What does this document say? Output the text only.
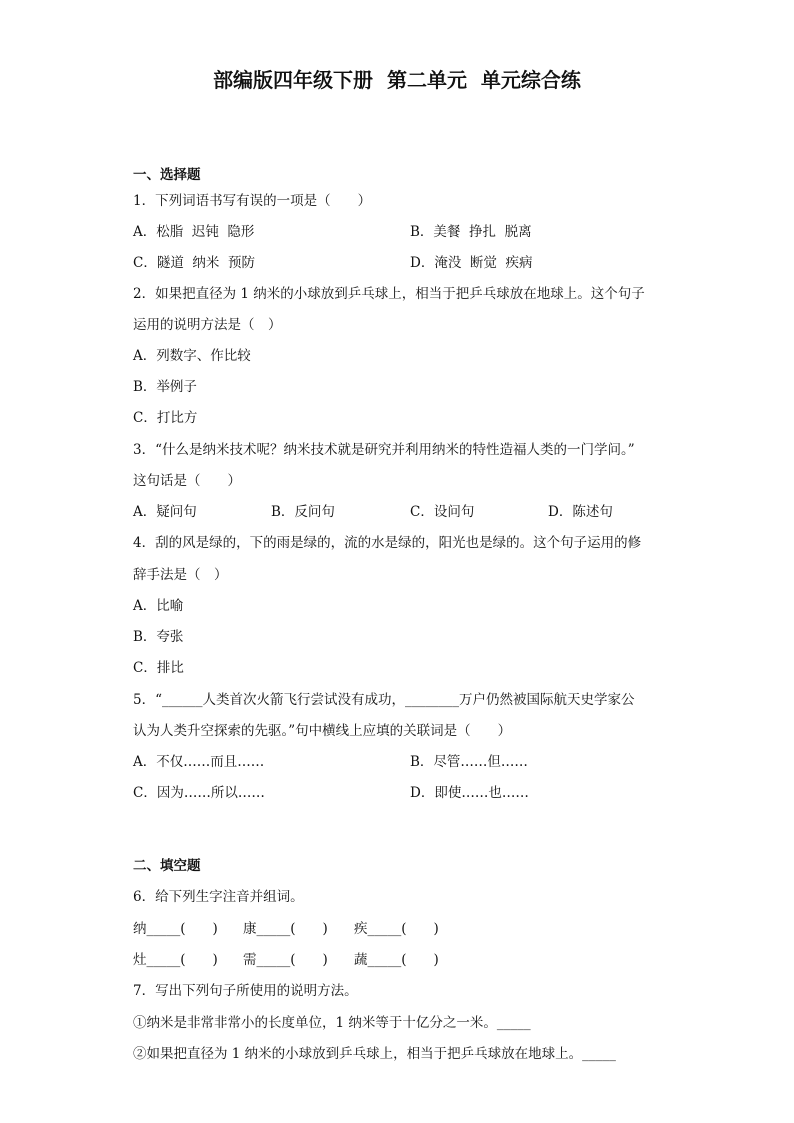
部编版四年级下册  第二单元  单元综合练
一、选择题
1．下列词语书写有误的一项是（　　）
A．松脂  迟钝  隐形	B．美餐  挣扎  脱离
C．隧道  纳米  预防	D．淹没  断觉  疾病
2．如果把直径为 1 纳米的小球放到乒乓球上，相当于把乒乓球放在地球上。这个句子
运用的说明方法是（　）
A．列数字、作比较
B．举例子
C．打比方
3．“什么是纳米技术呢？纳米技术就是研究并利用纳米的特性造福人类的一门学问。”
这句话是（　　）
A．疑问句	B．反问句	C．设问句	D．陈述句
4．刮的风是绿的，下的雨是绿的，流的水是绿的，阳光也是绿的。这个句子运用的修
辞手法是（　）
A．比喻
B．夸张
C．排比
5．“______人类首次火箭飞行尝试没有成功，________万户仍然被国际航天史学家公
认为人类升空探索的先驱。”句中横线上应填的关联词是（　　）
A．不仅……而且……	B．尽管……但……
C．因为……所以……	D．即使……也……
二、填空题
6．给下列生字注音并组词。
纳_____(　　) 康_____(　　) 疾_____(　　)
灶_____(　　) 需_____(　　) 蔬_____(　　)
7．写出下列句子所使用的说明方法。
①纳米是非常非常小的长度单位，1 纳米等于十亿分之一米。_____
②如果把直径为 1 纳米的小球放到乒乓球上，相当于把乒乓球放在地球上。_____
